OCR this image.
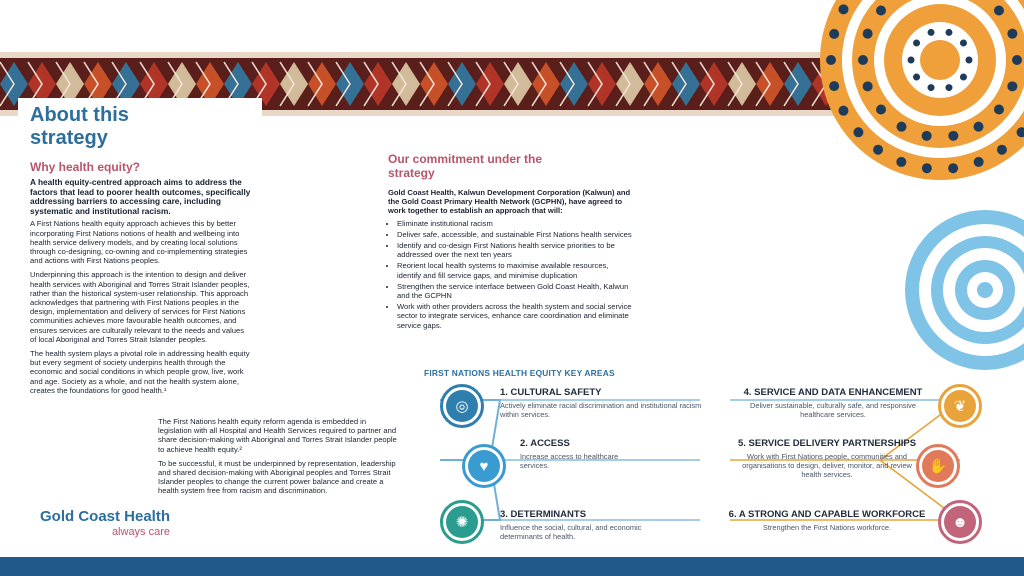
About this strategy
Why health equity?

A health equity-centred approach aims to address the factors that lead to poorer health outcomes, specifically addressing barriers to accessing care, including systematic and institutional racism.

A First Nations health equity approach achieves this by better incorporating First Nations notions of health and wellbeing into health service delivery models, and by creating local solutions through co-designing, co-owning and co-implementing strategies and actions with First Nations peoples.

Underpinning this approach is the intention to design and deliver health services with Aboriginal and Torres Strait Islander peoples, rather than the historical system-user relationship. This approach acknowledges that partnering with First Nations peoples in the design, implementation and delivery of services for First Nations communities achieves more favourable health outcomes, and ensures services are culturally relevant to the needs and values of local Aboriginal and Torres Strait Islander peoples.

The health system plays a pivotal role in addressing health equity but every segment of society underpins health through the economic and social conditions in which people grow, live, work and age. Society as a whole, and not the health system alone, creates the foundations for good health.¹

The First Nations health equity reform agenda is embedded in legislation with all Hospital and Health Services required to partner and share decision-making with Aboriginal and Torres Strait Islander people to achieve health equity.²

To be successful, it must be underpinned by representation, leadership and shared decision-making with Aboriginal peoples and Torres Strait Islander peoples to change the current power balance and create a health system free from racism and discrimination.

Gold Coast Health
always care
Our commitment under the strategy

Gold Coast Health, Kalwun Development Corporation (Kalwun) and the Gold Coast Primary Health Network (GCPHN), have agreed to work together to establish an approach that will:

• Eliminate institutional racism
• Deliver safe, accessible, and sustainable First Nations health services
• Identify and co-design First Nations health service priorities to be addressed over the next ten years
• Reorient local health systems to maximise available resources, identify and fill service gaps, and minimise duplication
• Strengthen the service interface between Gold Coast Health, Kalwun and the GCPHN
• Work with other providers across the health system and social service sector to integrate services, enhance care coordination and eliminate service gaps.
FIRST NATIONS HEALTH EQUITY KEY AREAS
◎
♥
✺
❦
✋
☻
1. CULTURAL SAFETY
Actively eliminate racial discrimination and institutional racism within services.
2. ACCESS
Increase access to healthcare services.
3. DETERMINANTS
Influence the social, cultural, and economic determinants of health.
4. SERVICE AND DATA ENHANCEMENT
Deliver sustainable, culturally safe, and responsive healthcare services.
5. SERVICE DELIVERY PARTNERSHIPS
Work with First Nations people, communities and organisations to design, deliver, monitor, and review health services.
6. A STRONG AND CAPABLE WORKFORCE
Strengthen the First Nations workforce.
